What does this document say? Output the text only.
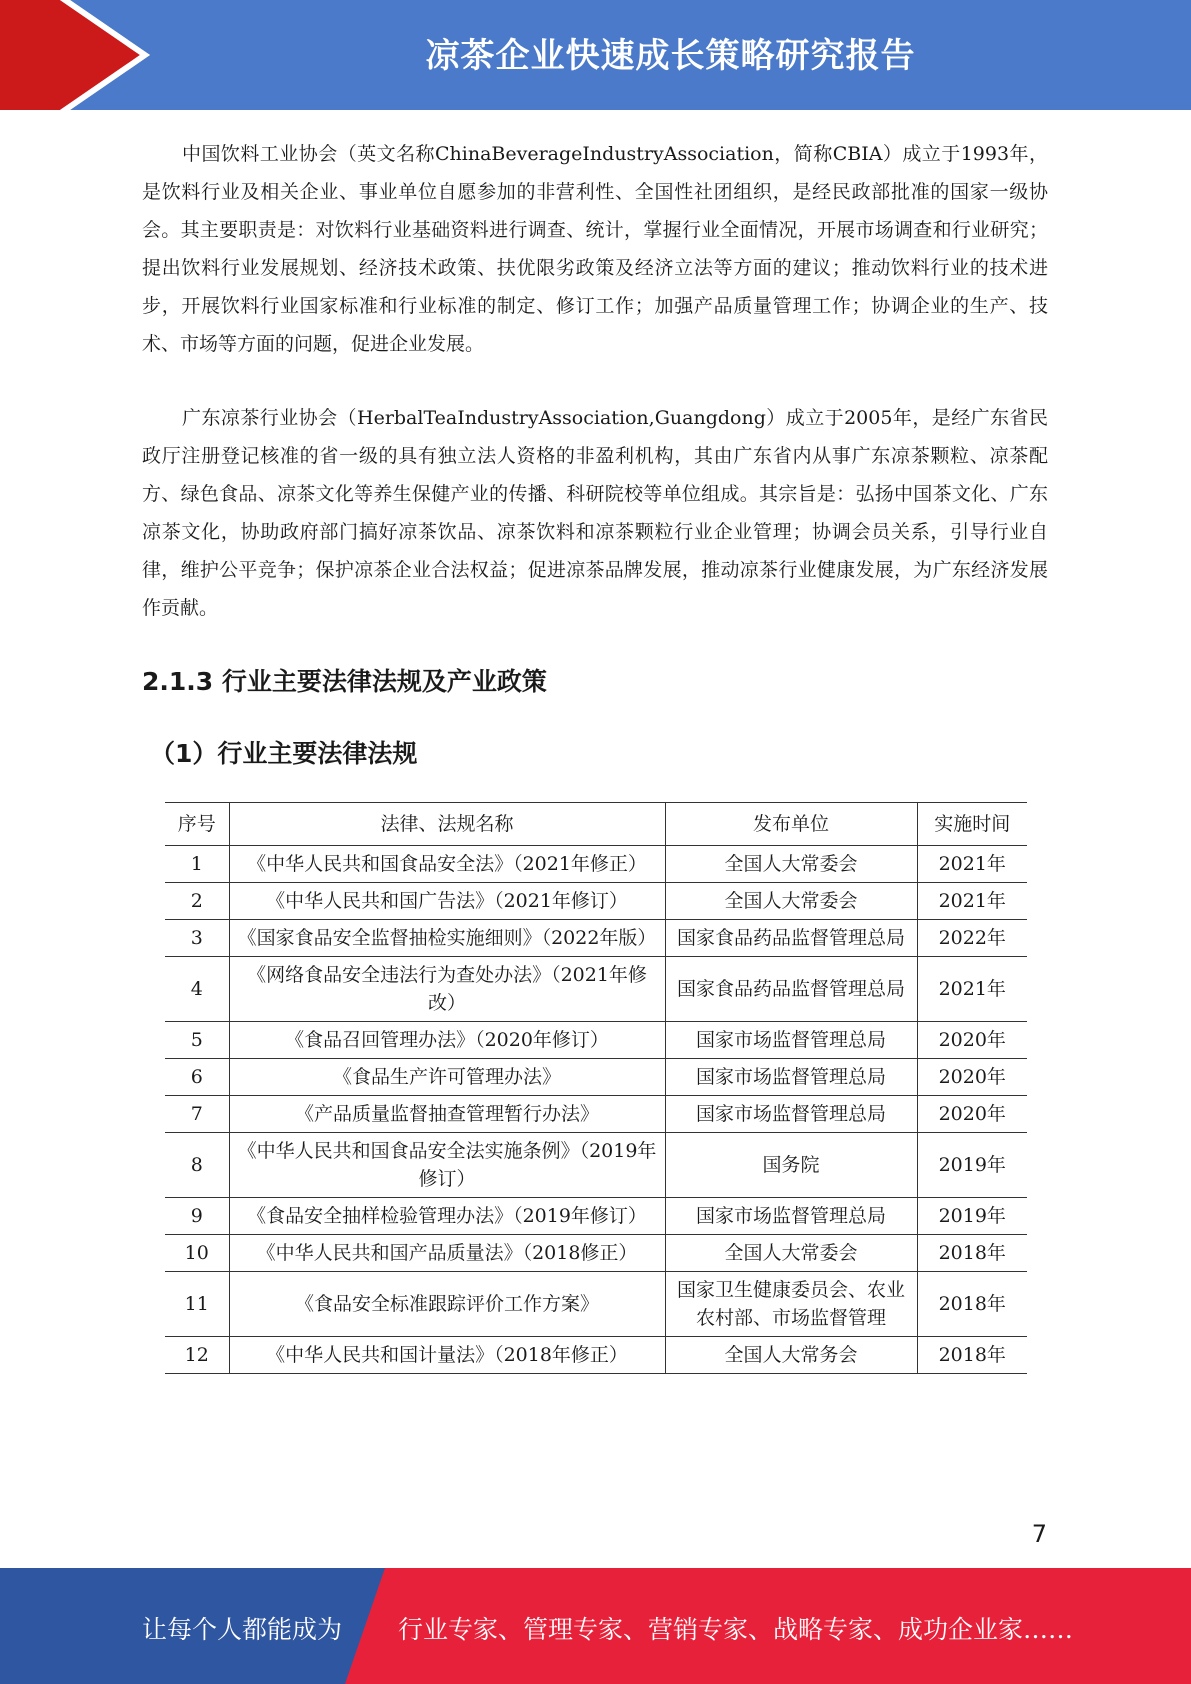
凉茶企业快速成长策略研究报告

中国饮料工业协会（英文名称ChinaBeverageIndustryAssociation，简称CBIA）成立于1993年，是饮料行业及相关企业、事业单位自愿参加的非营利性、全国性社团组织，是经民政部批准的国家一级协会。其主要职责是：对饮料行业基础资料进行调查、统计，掌握行业全面情况，开展市场调查和行业研究；提出饮料行业发展规划、经济技术政策、扶优限劣政策及经济立法等方面的建议；推动饮料行业的技术进步，开展饮料行业国家标准和行业标准的制定、修订工作；加强产品质量管理工作；协调企业的生产、技术、市场等方面的问题，促进企业发展。

广东凉茶行业协会（HerbalTeaIndustryAssociation,Guangdong）成立于2005年，是经广东省民政厅注册登记核准的省一级的具有独立法人资格的非盈利机构，其由广东省内从事广东凉茶颗粒、凉茶配方、绿色食品、凉茶文化等养生保健产业的传播、科研院校等单位组成。其宗旨是：弘扬中国茶文化、广东凉茶文化，协助政府部门搞好凉茶饮品、凉茶饮料和凉茶颗粒行业企业管理；协调会员关系，引导行业自律，维护公平竞争；保护凉茶企业合法权益；促进凉茶品牌发展，推动凉茶行业健康发展，为广东经济发展作贡献。

2.1.3 行业主要法律法规及产业政策
（1）行业主要法律法规
序号	法律、法规名称	发布单位	实施时间
1	《中华人民共和国食品安全法》（2021年修正）	全国人大常委会	2021年
2	《中华人民共和国广告法》（2021年修订）	全国人大常委会	2021年
3	《国家食品安全监督抽检实施细则》（2022年版）	国家食品药品监督管理总局	2022年
4	《网络食品安全违法行为查处办法》（2021年修改）	国家食品药品监督管理总局	2021年
5	《食品召回管理办法》（2020年修订）	国家市场监督管理总局	2020年
6	《食品生产许可管理办法》	国家市场监督管理总局	2020年
7	《产品质量监督抽查管理暂行办法》	国家市场监督管理总局	2020年
8	《中华人民共和国食品安全法实施条例》（2019年修订）	国务院	2019年
9	《食品安全抽样检验管理办法》（2019年修订）	国家市场监督管理总局	2019年
10	《中华人民共和国产品质量法》（2018修正）	全国人大常委会	2018年
11	《食品安全标准跟踪评价工作方案》	国家卫生健康委员会、农业农村部、市场监督管理	2018年
12	《中华人民共和国计量法》（2018年修正）	全国人大常务会	2018年
7
让每个人都能成为 行业专家、管理专家、营销专家、战略专家、成功企业家……
